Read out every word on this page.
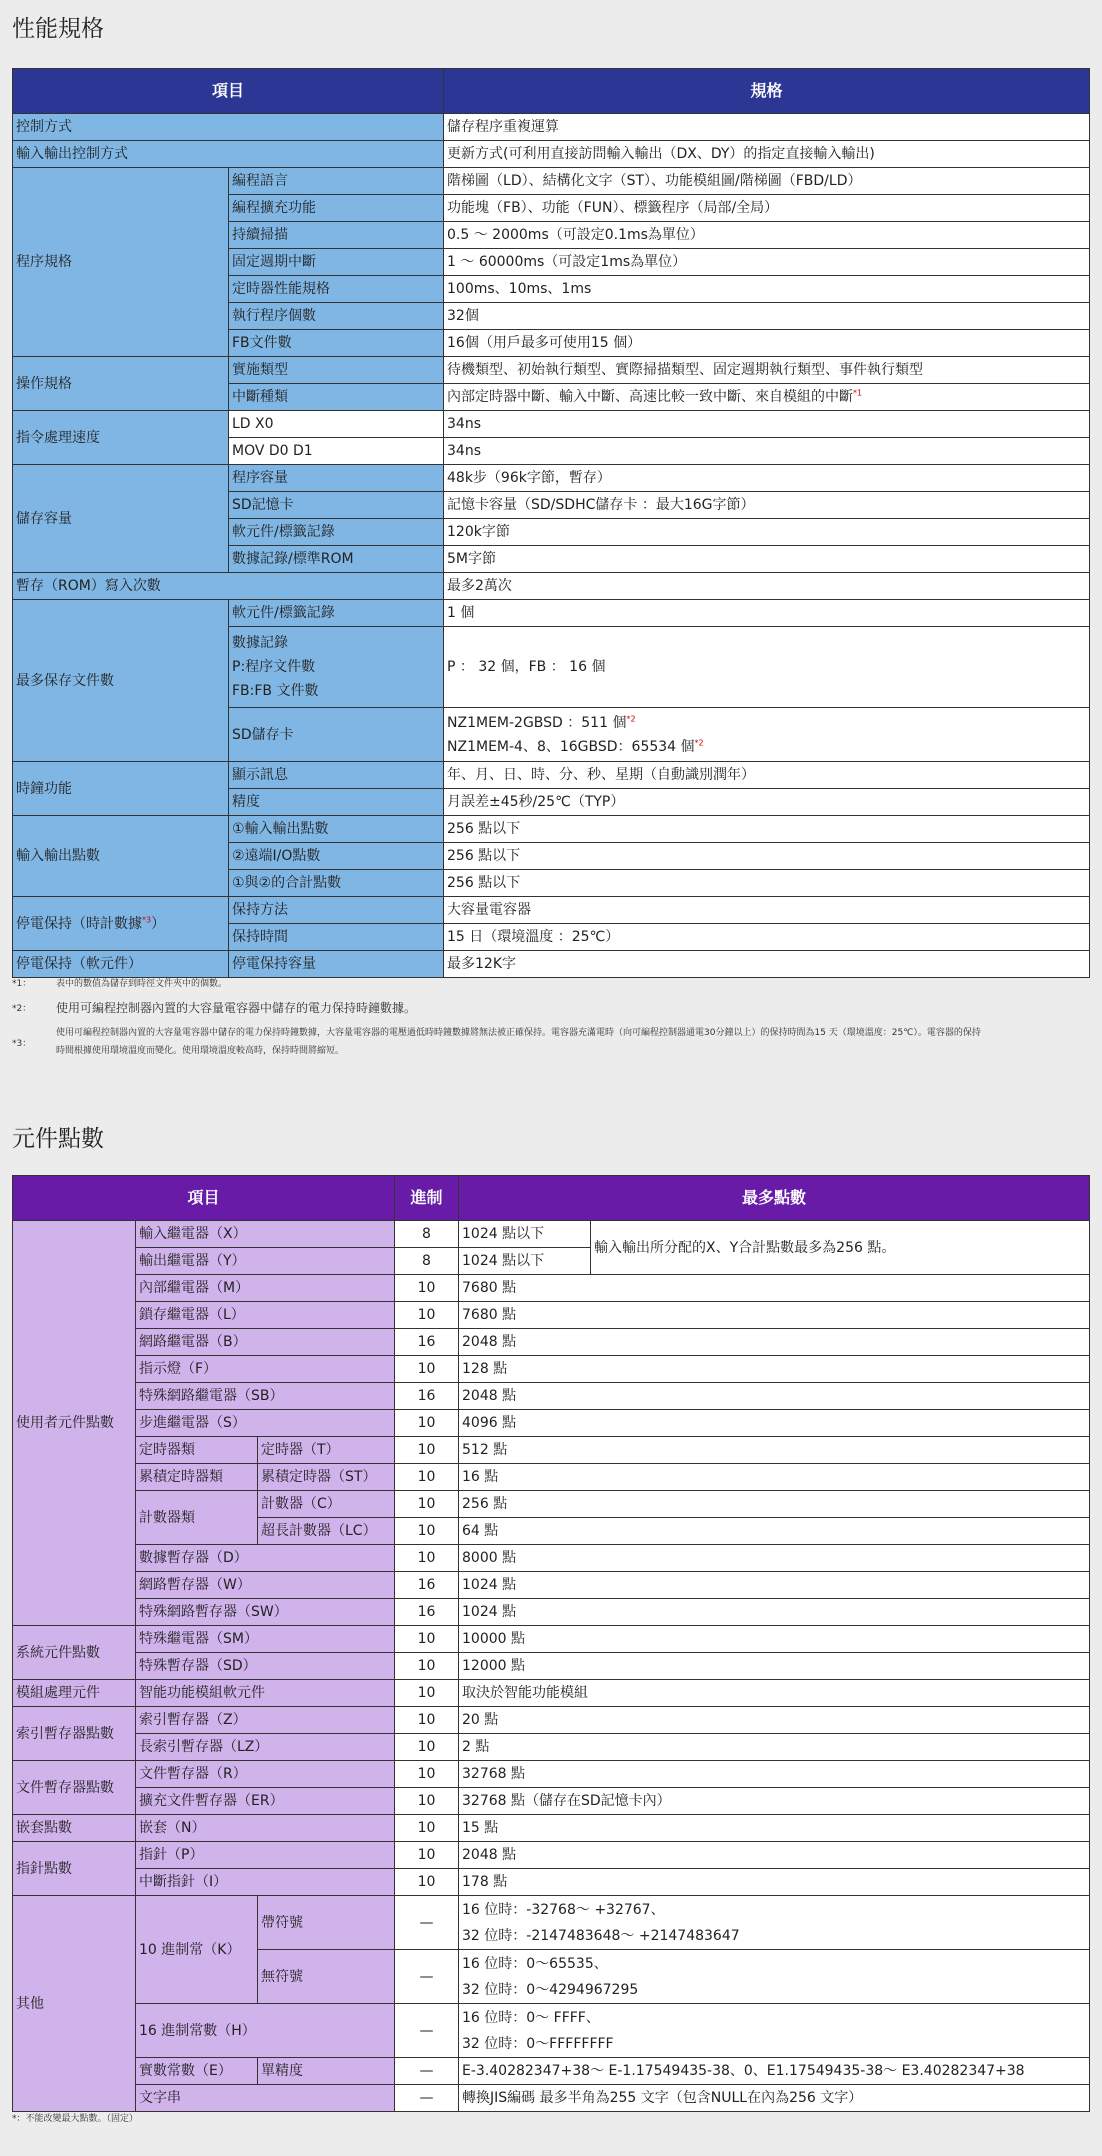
性能規格
項目		規格
控制方式		儲存程序重複運算
輸入輸出控制方式		更新方式(可利用直接訪問輸入輸出（DX、DY）的指定直接輸入輸出)
程序規格	編程語言	階梯圖（LD）、結構化文字（ST）、功能模組圖/階梯圖（FBD/LD）
	編程擴充功能	功能塊（FB）、功能（FUN）、標籤程序（局部/全局）
	持續掃描	0.5 ～ 2000ms（可設定0.1ms為單位）
	固定週期中斷	1 ～ 60000ms（可設定1ms為單位）
	定時器性能規格	100ms、10ms、1ms
	執行程序個數	32個
	FB文件數	16個（用戶最多可使用15 個）
操作規格	實施類型	待機類型、初始執行類型、實際掃描類型、固定週期執行類型、事件執行類型
	中斷種類	內部定時器中斷、輸入中斷、高速比較一致中斷、來自模組的中斷$^{*1}$
指令處理速度	LD X0	34ns
	MOV D0 D1	34ns
儲存容量	程序容量	48k步（96k字節，暫存）
	SD記憶卡	記憶卡容量（SD/SDHC儲存卡 ：最大16G字節）
	軟元件/標籤記錄	120k字節
	數據記錄/標準ROM	5M字節
暫存（ROM）寫入次數		最多2萬次
最多保存文件數	軟元件/標籤記錄	1 個

	數據記錄
P:程序文件數
FB:FB 文件數	P ： 32 個，FB ： 16 個
	SD儲存卡	NZ1MEM-2GBSD ：511 個$^{*2}$
NZ1MEM-4、8、16GBSD：65534 個$^{*2}$

時鐘功能	顯示訊息	年、月、日、時、分、秒、星期（自動識別潤年）
	精度	月誤差±45秒/25℃（TYP）
輸入輸出點數	①輸入輸出點數	256 點以下
	②遠端I/O點數	256 點以下
	①與②的合計點數	256 點以下
停電保持（時計數據$^{*3}$）	保持方法	大容量電容器
	保持時間	15 日（環境溫度 ：25℃）
停電保持（軟元件）	停電保持容量	最多12K字
*1：	表中的數值為儲存到時徑文件夾中的個數。
*2：	使用可編程控制器內置的大容量電容器中儲存的電力保持時鐘數據。
*3：
使用可編程控制器內置的大容量電容器中儲存的電力保持時鐘數據，大容量電容器的電壓過低時時鐘數據將無法被正確保持。電容器充滿電時（向可編程控制器通電30分鐘以上）的保持時間為15 天（環境溫度：25℃）。電容器的保持
時間根據使用環境溫度而變化。使用環境溫度較高時，保持時間將縮短。
元件點數
項目			進制	最多點數	
使用者元件點數	輸入繼電器（X）		8	1024 點以下	輸入輸出所分配的X、Y合計點數最多為256 點。
	輸出繼電器（Y）		8	1024 點以下	
	內部繼電器（M）		10	7680 點	
	鎖存繼電器（L）		10	7680 點	
	網路繼電器（B）		16	2048 點	
	指示燈（F）		10	128 點	
	特殊網路繼電器（SB）		16	2048 點	
	步進繼電器（S）		10	4096 點	
	定時器類	定時器（T）	10	512 點	
	累積定時器類	累積定時器（ST）	10	16 點	
	計數器類	計數器（C）	10	256 點	
		超長計數器（LC）	10	64 點	
	數據暫存器（D）		10	8000 點	
	網路暫存器（W）		16	1024 點	
	特殊網路暫存器（SW）		16	1024 點	
系統元件點數	特殊繼電器（SM）		10	10000 點	
	特殊暫存器（SD）		10	12000 點	
模組處理元件	智能功能模組軟元件		10	取決於智能功能模組	
索引暫存器點數	索引暫存器（Z）		10	20 點	
	長索引暫存器（LZ）		10	2 點	
文件暫存器點數	文件暫存器（R）		10	32768 點	
	擴充文件暫存器（ER）		10	32768 點（儲存在SD記憶卡內）	
嵌套點數	嵌套（N）		10	15 點	
指針點數	指針（P）		10	2048 點	
	中斷指針（I）		10	178 點	
其他	10 進制常（K）	帶符號	—	16 位時：-32768～ +32767、
32 位時：-2147483648～ +2147483647	

		無符號	—	16 位時：0～65535、
32 位時：0～4294967295	

	16 進制常數（H）		—	16 位時：0～ FFFF、
32 位時：0～FFFFFFFF	

	實數常數（E）	單精度	—	E-3.40282347+38～ E-1.17549435-38、0、E1.17549435-38～ E3.40282347+38	
	文字串		—	轉換JIS編碼 最多半角為255 文字（包含NULL在內為256 文字）	
*：不能改變最大點數。（固定）
